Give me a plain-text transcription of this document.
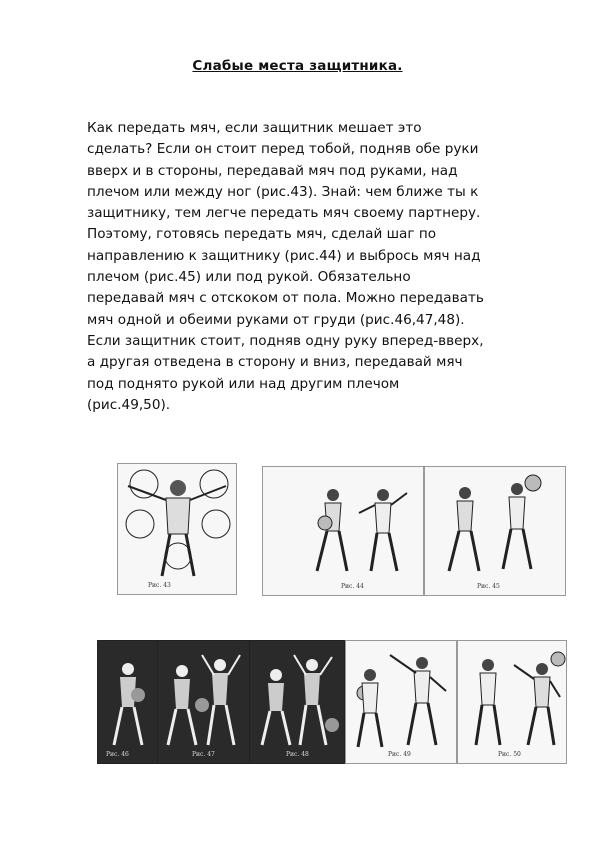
Слабые места защитника.

Как передать мяч, если защитник мешает это
сделать? Если он стоит перед тобой, подняв обе руки
вверх и в стороны, передавай мяч под руками, над
плечом или между ног (рис.43). Знай: чем ближе ты к
защитнику, тем легче передать мяч своему партнеру.
Поэтому, готовясь передать мяч, сделай шаг по
направлению к защитнику (рис.44) и выбрось мяч над
плечом (рис.45) или под рукой. Обязательно
передавай мяч с отскоком от пола. Можно передавать
мяч одной и обеими руками от груди (рис.46,47,48).
Если защитник стоит, подняв одну руку вперед-вверх,
а другая отведена в сторону и вниз, передавай мяч
под поднято рукой или над другим плечом
(рис.49,50).

Рис. 43	Рис. 44	Рис. 45
Рис. 46	Рис. 47	Рис. 48	Рис. 49	Рис. 50
